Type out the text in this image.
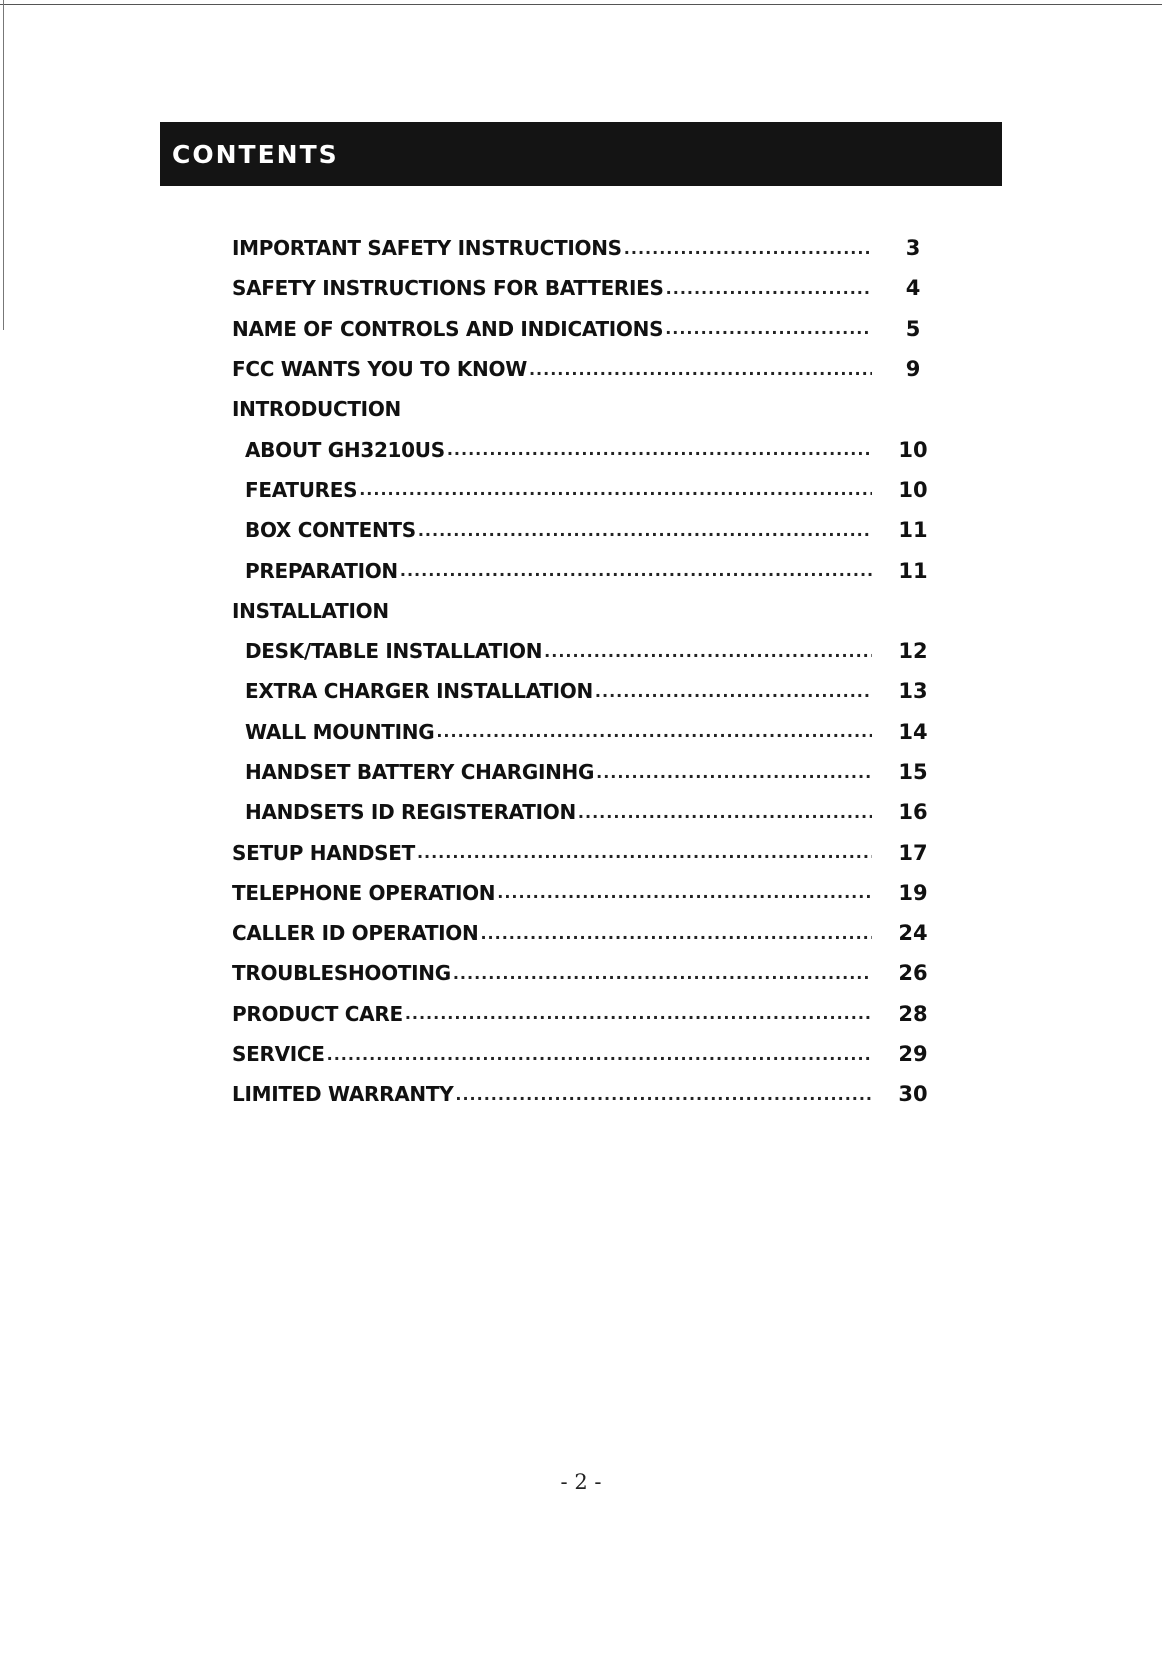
CONTENTS
IMPORTANT SAFETY INSTRUCTIONS .....	3
SAFETY INSTRUCTIONS FOR BATTERIES .....	4
NAME OF CONTROLS AND INDICATIONS .....	5
FCC WANTS YOU TO KNOW .....	9
INTRODUCTION
ABOUT GH3210US .....	10
FEATURES .....	10
BOX CONTENTS .....	11
PREPARATION .....	11
INSTALLATION
DESK/TABLE INSTALLATION .....	12
EXTRA CHARGER INSTALLATION .....	13
WALL MOUNTING .....	14
HANDSET BATTERY CHARGINHG .....	15
HANDSETS ID REGISTERATION .....	16
SETUP HANDSET .....	17
TELEPHONE OPERATION .....	19
CALLER ID OPERATION .....	24
TROUBLESHOOTING .....	26
PRODUCT CARE .....	28
SERVICE .....	29
LIMITED WARRANTY .....	30
- 2 -
